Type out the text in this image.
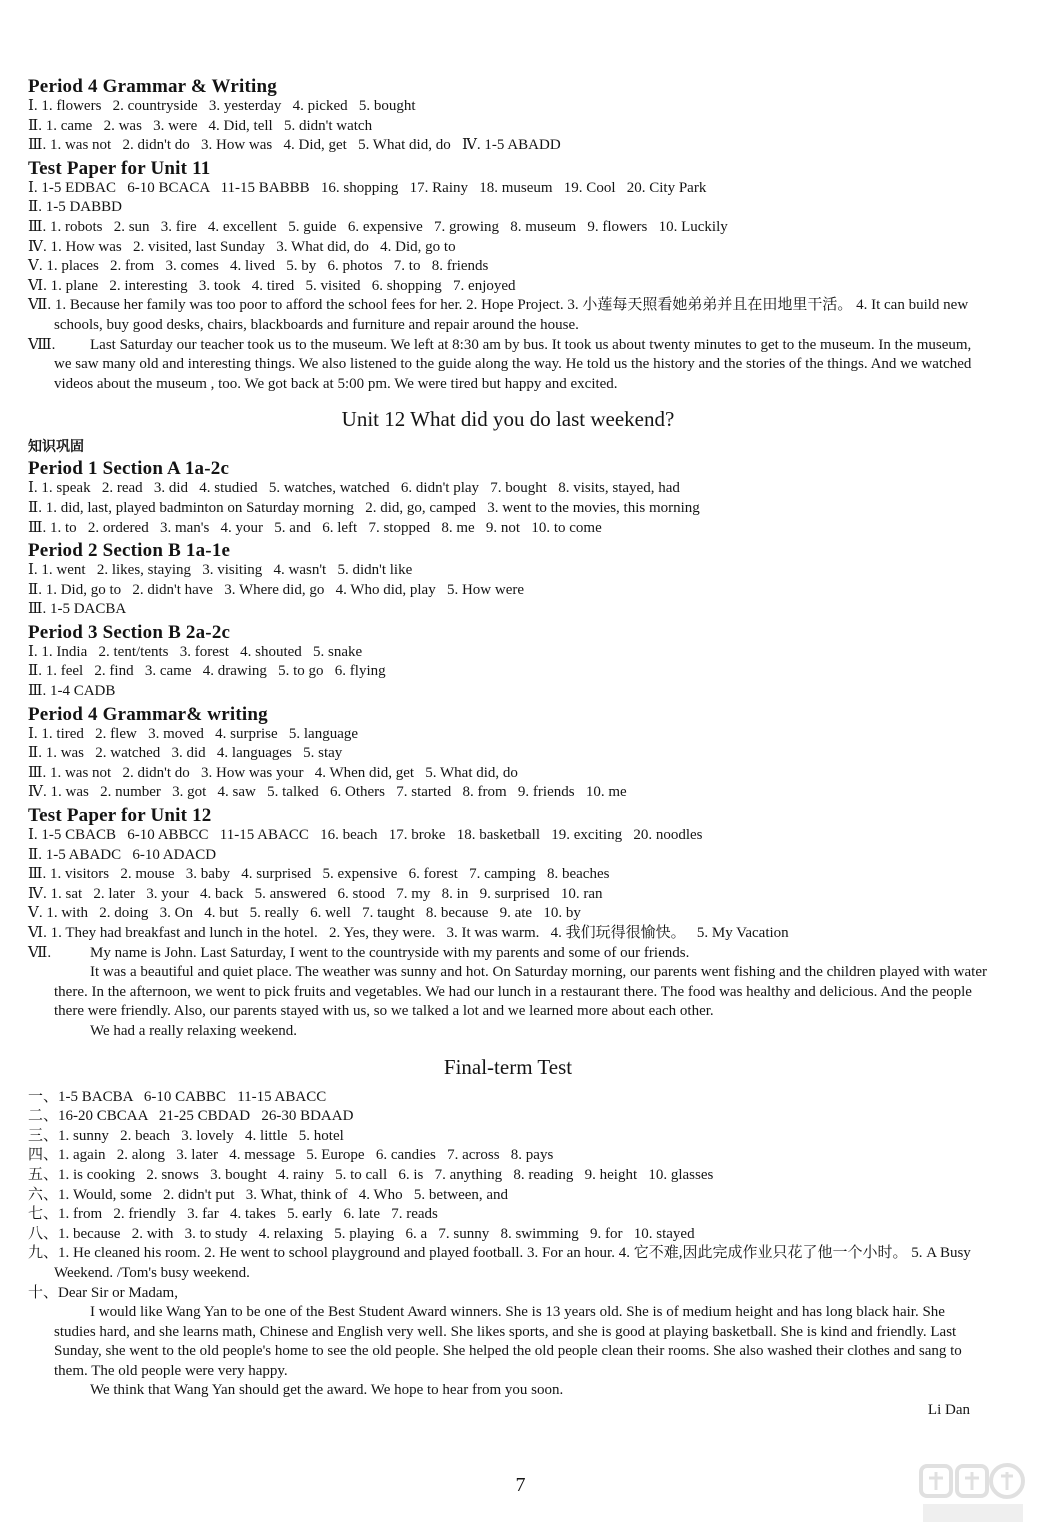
Period 4 Grammar & Writing

Ⅰ. 1. flowers   2. countryside   3. yesterday   4. picked   5. bought

Ⅱ. 1. came   2. was   3. were   4. Did, tell   5. didn't watch

Ⅲ. 1. was not   2. didn't do   3. How was   4. Did, get   5. What did, do   Ⅳ. 1-5 ABADD

Test Paper for Unit 11

Ⅰ. 1-5 EDBAC   6-10 BCACA   11-15 BABBB   16. shopping   17. Rainy   18. museum   19. Cool   20. City Park

Ⅱ. 1-5 DABBD

Ⅲ. 1. robots   2. sun   3. fire   4. excellent   5. guide   6. expensive   7. growing   8. museum   9. flowers   10. Luckily

Ⅳ. 1. How was   2. visited, last Sunday   3. What did, do   4. Did, go to

Ⅴ. 1. places   2. from   3. comes   4. lived   5. by   6. photos   7. to   8. friends

Ⅵ. 1. plane   2. interesting   3. took   4. tired   5. visited   6. shopping   7. enjoyed

Ⅶ. 1. Because her family was too poor to afford the school fees for her. 2. Hope Project. 3. 小莲每天照看她弟弟并且在田地里干活。 4. It can build new schools, buy good desks, chairs, blackboards and furniture and repair around the house.

Ⅷ.	Last Saturday our teacher took us to the museum. We left at 8:30 am by bus. It took us about twenty minutes to get to the museum. In the museum, we saw many old and interesting things. We also listened to the guide along the way. He told us the history and the stories of the things. And we watched videos about the museum , too. We got back at 5:00 pm. We were tired but happy and excited.

Unit 12 What did you do last weekend?

知识巩固

Period 1 Section A 1a-2c

Ⅰ. 1. speak   2. read   3. did   4. studied   5. watches, watched   6. didn't play   7. bought   8. visits, stayed, had

Ⅱ. 1. did, last, played badminton on Saturday morning   2. did, go, camped   3. went to the movies, this morning

Ⅲ. 1. to   2. ordered   3. man's   4. your   5. and   6. left   7. stopped   8. me   9. not   10. to come

Period 2 Section B 1a-1e

Ⅰ. 1. went   2. likes, staying   3. visiting   4. wasn't   5. didn't like

Ⅱ. 1. Did, go to   2. didn't have   3. Where did, go   4. Who did, play   5. How were

Ⅲ. 1-5 DACBA

Period 3 Section B 2a-2c

Ⅰ. 1. India   2. tent/tents   3. forest   4. shouted   5. snake

Ⅱ. 1. feel   2. find   3. came   4. drawing   5. to go   6. flying

Ⅲ. 1-4 CADB

Period 4 Grammar& writing

Ⅰ. 1. tired   2. flew   3. moved   4. surprise   5. language

Ⅱ. 1. was   2. watched   3. did   4. languages   5. stay

Ⅲ. 1. was not   2. didn't do   3. How was your   4. When did, get   5. What did, do

Ⅳ. 1. was   2. number   3. got   4. saw   5. talked   6. Others   7. started   8. from   9. friends   10. me

Test Paper for Unit 12

Ⅰ. 1-5 CBACB   6-10 ABBCC   11-15 ABACC   16. beach   17. broke   18. basketball   19. exciting   20. noodles

Ⅱ. 1-5 ABADC   6-10 ADACD

Ⅲ. 1. visitors   2. mouse   3. baby   4. surprised   5. expensive   6. forest   7. camping   8. beaches

Ⅳ. 1. sat   2. later   3. your   4. back   5. answered   6. stood   7. my   8. in   9. surprised   10. ran

Ⅴ. 1. with   2. doing   3. On   4. but   5. really   6. well   7. taught   8. because   9. ate   10. by

Ⅵ. 1. They had breakfast and lunch in the hotel.   2. Yes, they were.   3. It was warm.   4. 我们玩得很愉快。   5. My Vacation

Ⅶ.	My name is John. Last Saturday, I went to the countryside with my parents and some of our friends.

It was a beautiful and quiet place. The weather was sunny and hot. On Saturday morning, our parents went fishing and the children played with water there. In the afternoon, we went to pick fruits and vegetables. We had our lunch in a restaurant there. The food was healthy and delicious. And the people there were friendly. Also, our parents stayed with us, so we talked a lot and we learned more about each other.

We had a really relaxing weekend.

Final-term Test

一、1-5 BACBA   6-10 CABBC   11-15 ABACC

二、16-20 CBCAA   21-25 CBDAD   26-30 BDAAD

三、1. sunny   2. beach   3. lovely   4. little   5. hotel

四、1. again   2. along   3. later   4. message   5. Europe   6. candies   7. across   8. pays

五、1. is cooking   2. snows   3. bought   4. rainy   5. to call   6. is   7. anything   8. reading   9. height   10. glasses

六、1. Would, some   2. didn't put   3. What, think of   4. Who   5. between, and

七、1. from   2. friendly   3. far   4. takes   5. early   6. late   7. reads

八、1. because   2. with   3. to study   4. relaxing   5. playing   6. a   7. sunny   8. swimming   9. for   10. stayed

九、1. He cleaned his room. 2. He went to school playground and played football. 3. For an hour. 4. 它不难,因此完成作业只花了他一个小时。 5. A Busy Weekend. /Tom's busy weekend.

十、Dear Sir or Madam,

I would like Wang Yan to be one of the Best Student Award winners. She is 13 years old. She is of medium height and has long black hair. She studies hard, and she learns math, Chinese and English very well. She likes sports, and she is good at playing basketball. She is kind and friendly. Last Sunday, she went to the old people's home to see the old people. She helped the old people clean their rooms. She also washed their clothes and sang to them. The old people were very happy.

We think that Wang Yan should get the award. We hope to hear from you soon.

Li Dan

7
